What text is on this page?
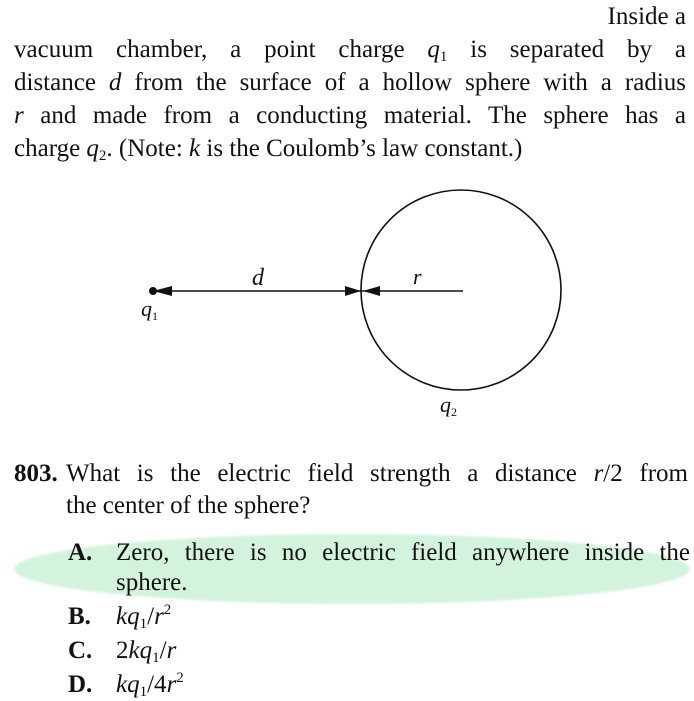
Inside a
vacuum chamber, a point charge $q_1$ is separated by a
distance d from the surface of a hollow sphere with a radius
r and made from a conducting material. The sphere has a
charge $q_2$. (Note: k is the Coulomb’s law constant.)
d	r
q1
q2
803. What is the electric field strength a distance r/2 from
the center of the sphere?
A. Zero, there is no electric field anywhere inside the
sphere.
B. $kq_1/r^2$
C. $2kq_1/r$
D. $kq_1/4r^2$
